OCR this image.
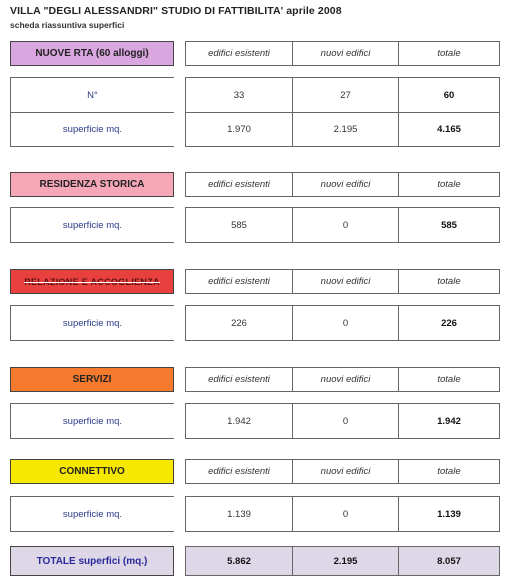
VILLA "DEGLI ALESSANDRI" STUDIO DI FATTIBILITA' aprile 2008
scheda riassuntiva superfici
NUOVE RTA (60 alloggi)	edifici esistenti	nuovi edifici	totale
N°	33	27	60
superficie mq.	1.970	2.195	4.165
RESIDENZA STORICA	edifici esistenti	nuovi edifici	totale
superficie mq.	585	0	585
RELAZIONE E ACCOGLIENZA	edifici esistenti	nuovi edifici	totale
superficie mq.	226	0	226
SERVIZI	edifici esistenti	nuovi edifici	totale
superficie mq.	1.942	0	1.942
CONNETTIVO	edifici esistenti	nuovi edifici	totale
superficie mq.	1.139	0	1.139
TOTALE superfici (mq.)	5.862	2.195	8.057
